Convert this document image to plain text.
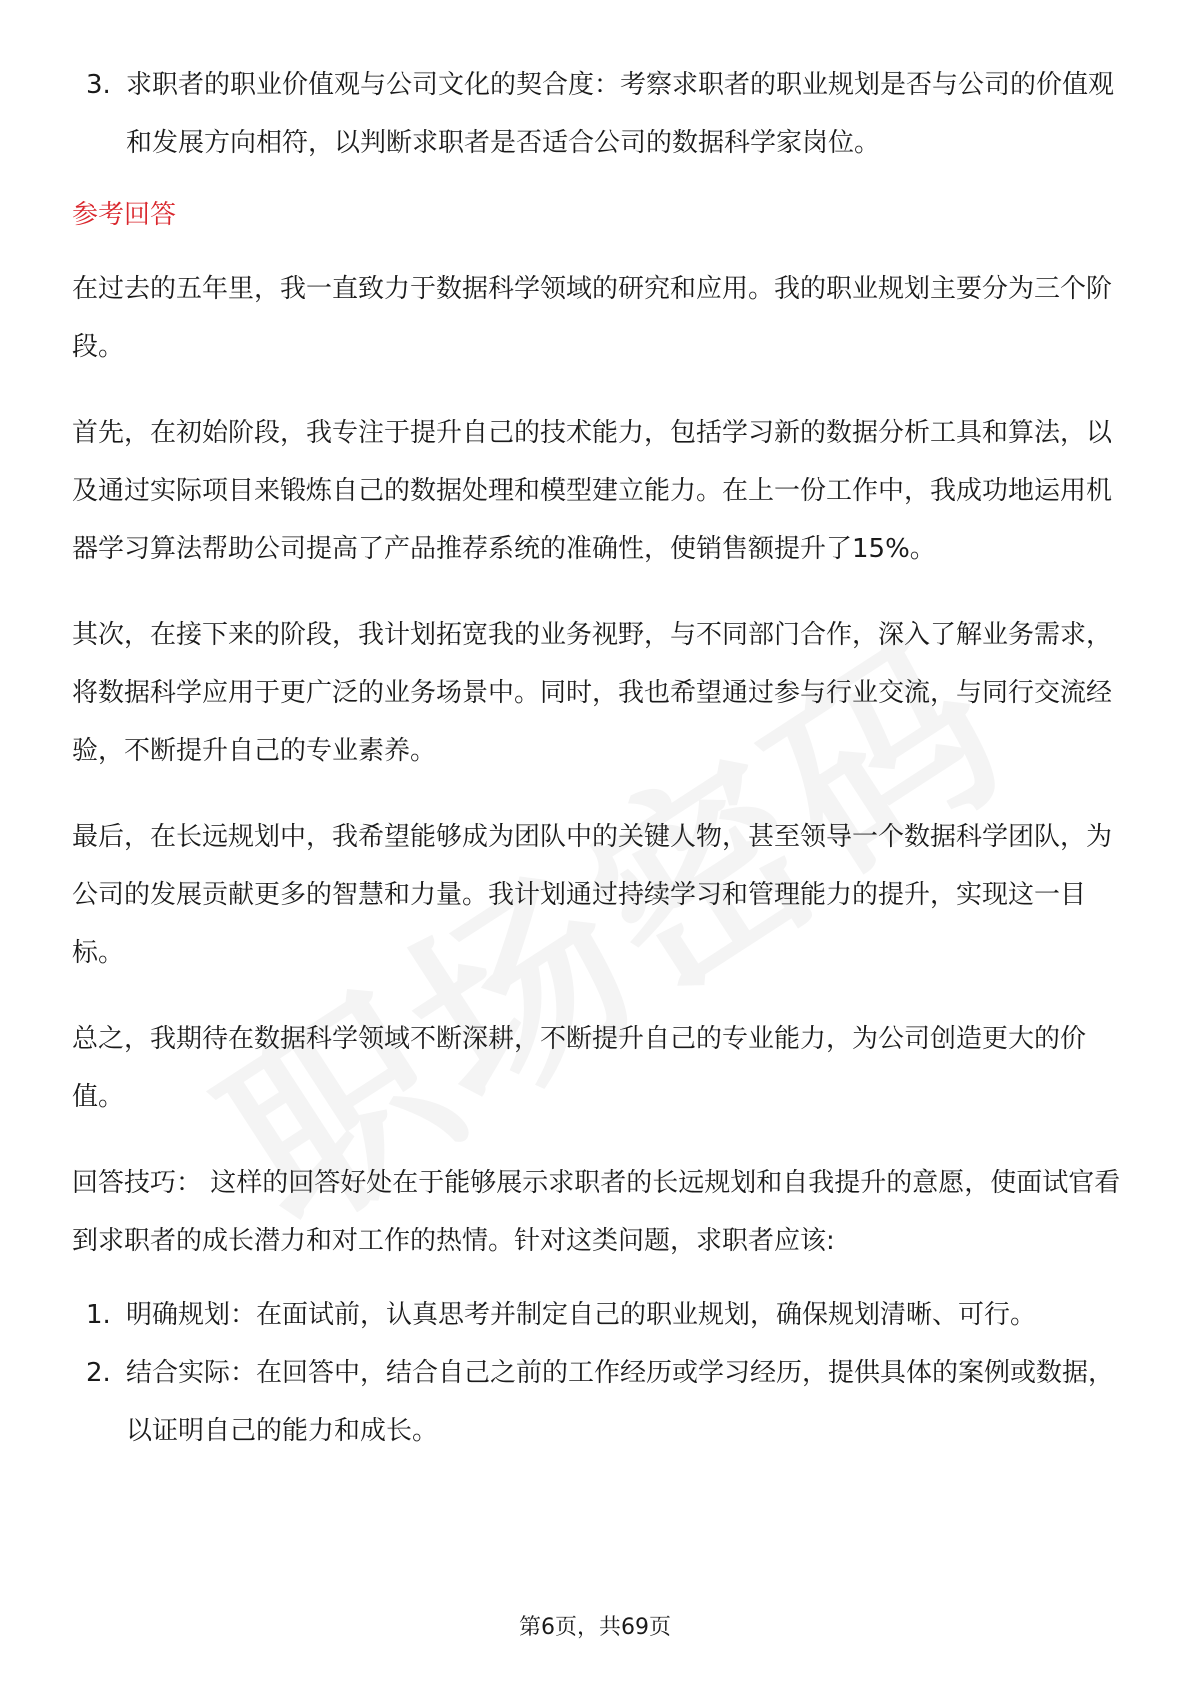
3. 求职者的职业价值观与公司文化的契合度：考察求职者的职业规划是否与公司的价值观和发展方向相符，以判断求职者是否适合公司的数据科学家岗位。
参考回答

在过去的五年里，我一直致力于数据科学领域的研究和应用。我的职业规划主要分为三个阶段。

首先，在初始阶段，我专注于提升自己的技术能力，包括学习新的数据分析工具和算法，以及通过实际项目来锻炼自己的数据处理和模型建立能力。在上一份工作中，我成功地运用机器学习算法帮助公司提高了产品推荐系统的准确性，使销售额提升了15%。

其次，在接下来的阶段，我计划拓宽我的业务视野，与不同部门合作，深入了解业务需求，将数据科学应用于更广泛的业务场景中。同时，我也希望通过参与行业交流，与同行交流经验，不断提升自己的专业素养。

最后，在长远规划中，我希望能够成为团队中的关键人物，甚至领导一个数据科学团队，为公司的发展贡献更多的智慧和力量。我计划通过持续学习和管理能力的提升，实现这一目标。

总之，我期待在数据科学领域不断深耕，不断提升自己的专业能力，为公司创造更大的价值。

回答技巧： 这样的回答好处在于能够展示求职者的长远规划和自我提升的意愿，使面试官看到求职者的成长潜力和对工作的热情。针对这类问题，求职者应该:

1. 明确规划：在面试前，认真思考并制定自己的职业规划，确保规划清晰、可行。
2. 结合实际：在回答中，结合自己之前的工作经历或学习经历，提供具体的案例或数据，以证明自己的能力和成长。
第6页，共69页
